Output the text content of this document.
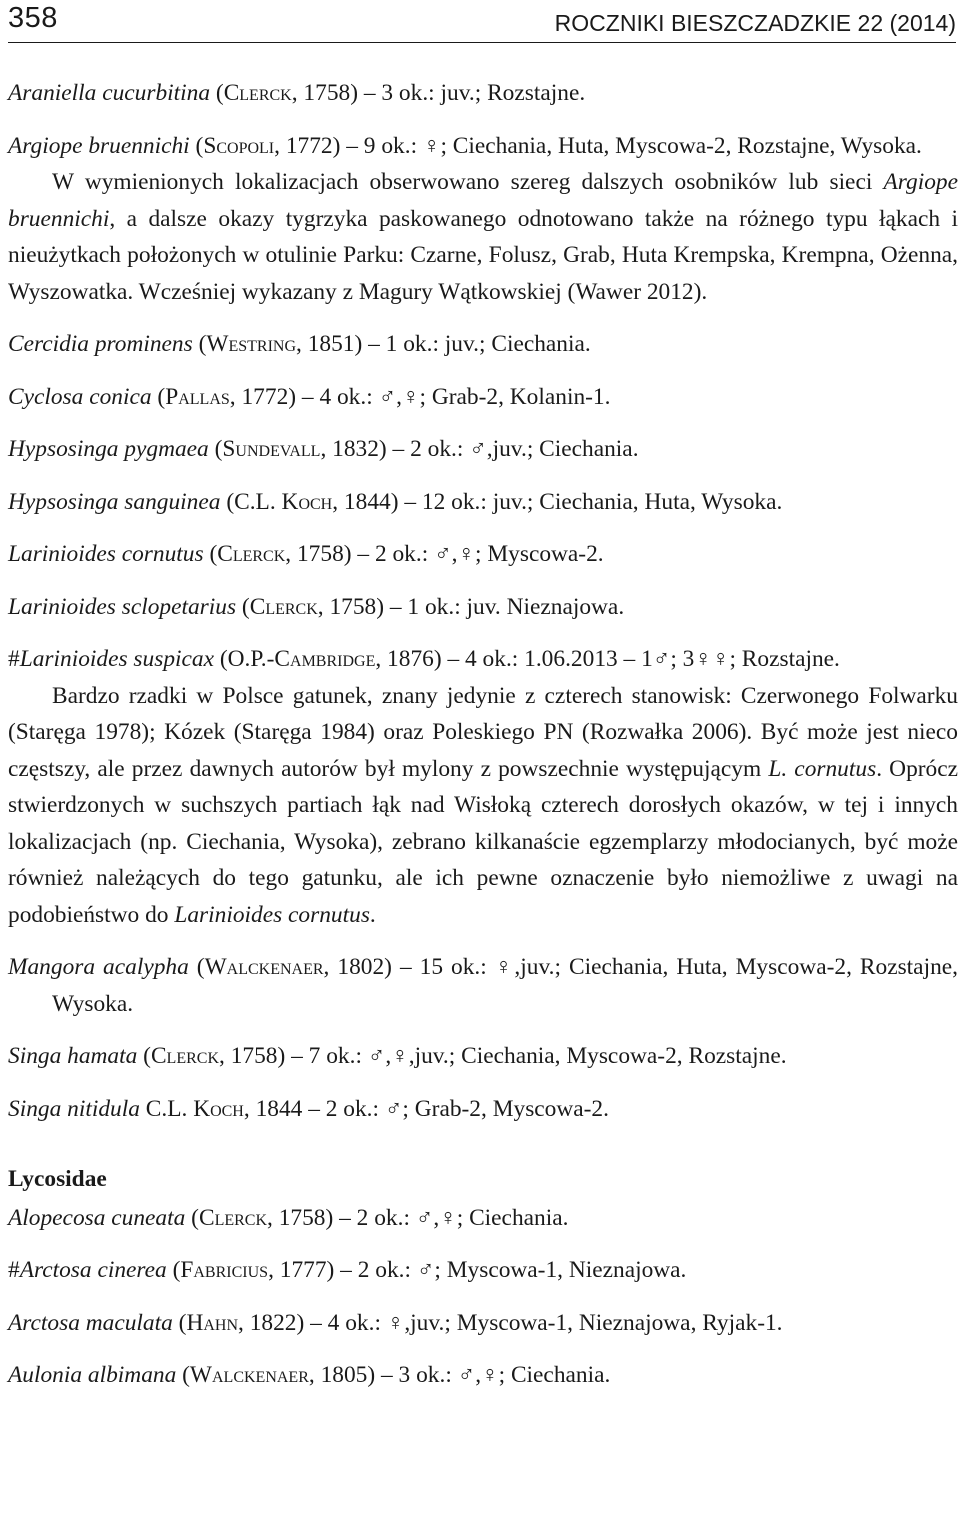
358	ROCZNIKI BIESZCZADZKIE 22 (2014)

Araniella cucurbitina (Clerck, 1758) – 3 ok.: juv.; Rozstajne.

Argiope bruennichi (Scopoli, 1772) – 9 ok.: ♀; Ciechania, Huta, Myscowa-2, Rozstajne, Wysoka.

W wymienionych lokalizacjach obserwowano szereg dalszych osobników lub sieci Argiope bruennichi, a dalsze okazy tygrzyka paskowanego odnotowano także na różnego typu łąkach i nieużytkach położonych w otulinie Parku: Czarne, Folusz, Grab, Huta Krempska, Krempna, Ożenna, Wyszowatka. Wcześniej wykazany z Magury Wątkowskiej (Wawer 2012).

Cercidia prominens (Westring, 1851) – 1 ok.: juv.; Ciechania.

Cyclosa conica (Pallas, 1772) – 4 ok.: ♂,♀; Grab-2, Kolanin-1.

Hypsosinga pygmaea (Sundevall, 1832) – 2 ok.: ♂,juv.; Ciechania.

Hypsosinga sanguinea (C.L. Koch, 1844) – 12 ok.: juv.; Ciechania, Huta, Wysoka.

Larinioides cornutus (Clerck, 1758) – 2 ok.: ♂,♀; Myscowa-2.

Larinioides sclopetarius (Clerck, 1758) – 1 ok.: juv. Nieznajowa.

#Larinioides suspicax (O.P.-Cambridge, 1876) – 4 ok.: 1.06.2013 – 1♂; 3♀♀; Rozstajne.

Bardzo rzadki w Polsce gatunek, znany jedynie z czterech stanowisk: Czerwonego Folwarku (Staręga 1978); Kózek (Staręga 1984) oraz Poleskiego PN (Rozwałka 2006). Być może jest nieco częstszy, ale przez dawnych autorów był mylony z powszechnie występującym L. cornutus. Oprócz stwierdzonych w suchszych partiach łąk nad Wisłoką czterech dorosłych okazów, w tej i innych lokalizacjach (np. Ciechania, Wysoka), zebrano kilkanaście egzemplarzy młodocianych, być może również należących do tego gatunku, ale ich pewne oznaczenie było niemożliwe z uwagi na podobieństwo do Larinioides cornutus.

Mangora acalypha (Walckenaer, 1802) – 15 ok.: ♀,juv.; Ciechania, Huta, Myscowa-2, Rozstajne, Wysoka.

Singa hamata (Clerck, 1758) – 7 ok.: ♂,♀,juv.; Ciechania, Myscowa-2, Rozstajne.

Singa nitidula C.L. Koch, 1844 – 2 ok.: ♂; Grab-2, Myscowa-2.

Lycosidae

Alopecosa cuneata (Clerck, 1758) – 2 ok.: ♂,♀; Ciechania.

#Arctosa cinerea (Fabricius, 1777) – 2 ok.: ♂; Myscowa-1, Nieznajowa.

Arctosa maculata (Hahn, 1822) – 4 ok.: ♀,juv.; Myscowa-1, Nieznajowa, Ryjak-1.

Aulonia albimana (Walckenaer, 1805) – 3 ok.: ♂,♀; Ciechania.
